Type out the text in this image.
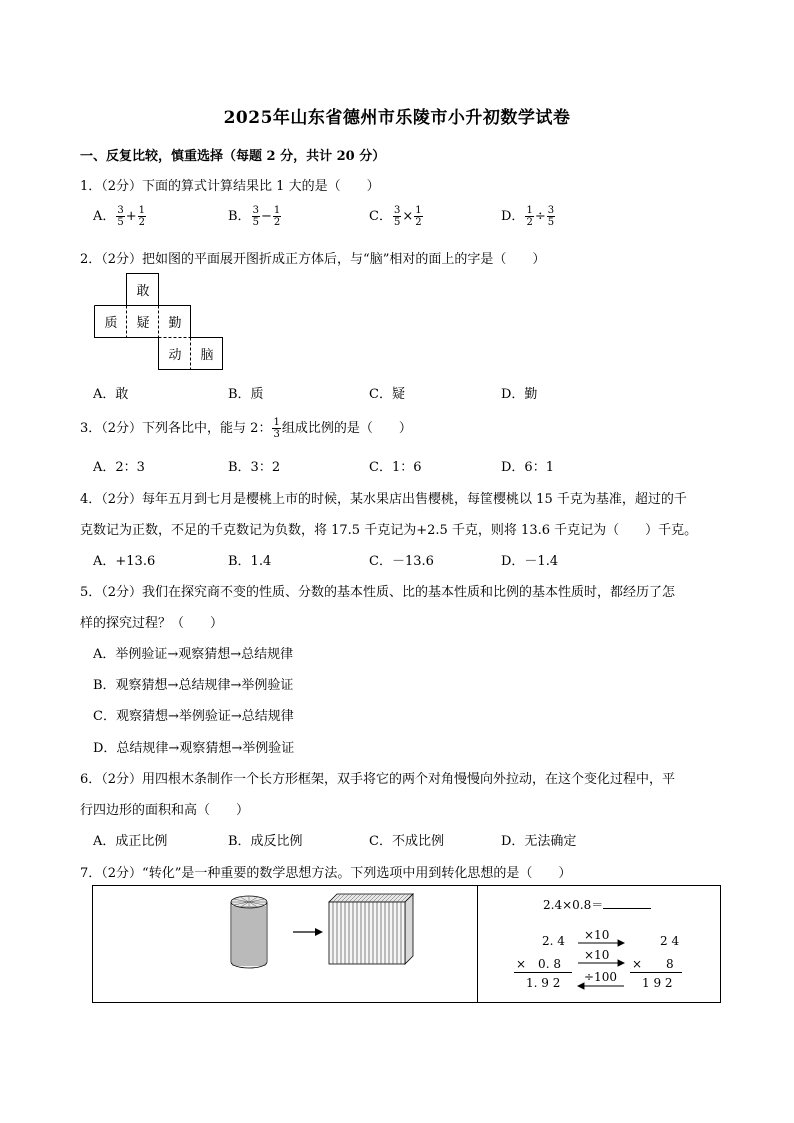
2025年山东省德州市乐陵市小升初数学试卷
一、反复比较，慎重选择（每题 2 分，共计 20 分）
1．（2分）下面的算式计算结果比 1 大的是（　　）
A． $\frac{3}{5} + \frac{1}{2}$	B． $\frac{3}{5} - \frac{1}{2}$	C． $\frac{3}{5} \times \frac{1}{2}$	D． $\frac{1}{2} \div \frac{3}{5}$
2．（2分）把如图的平面展开图折成正方体后，与“脑”相对的面上的字是（　　）
敢
质	疑	勤
动	脑
A．敢	B．质	C．疑	D．勤
3．（2分）下列各比中，能与 2： $\frac{1}{3}$ 组成比例的是（　　）
A．2：3	B．3：2	C．1：6	D．6：1
4．（2分）每年五月到七月是樱桃上市的时候，某水果店出售樱桃，每筐樱桃以 15 千克为基准，超过的千
克数记为正数，不足的千克数记为负数，将 17.5 千克记为+2.5 千克，则将 13.6 千克记为（　　）千克。
A．+13.6	B．1.4	C．－13.6	D．－1.4
5．（2分）我们在探究商不变的性质、分数的基本性质、比的基本性质和比例的基本性质时，都经历了怎
样的探究过程？（　　）
A．举例验证→观察猜想→总结规律
B．观察猜想→总结规律→举例验证
C．观察猜想→举例验证→总结规律
D．总结规律→观察猜想→举例验证
6．（2分）用四根木条制作一个长方形框架，双手将它的两个对角慢慢向外拉动，在这个变化过程中，平
行四边形的面积和高（　　）
A．成正比例	B．成反比例	C．不成比例	D．无法确定
7．（2分）“转化”是一种重要的数学思想方法。下列选项中用到转化思想的是（　　）
2.4×0.8＝
2. 4
×　0. 8
1. 9 2
×10
×10
÷100
2 4
×　　8
1 9 2
